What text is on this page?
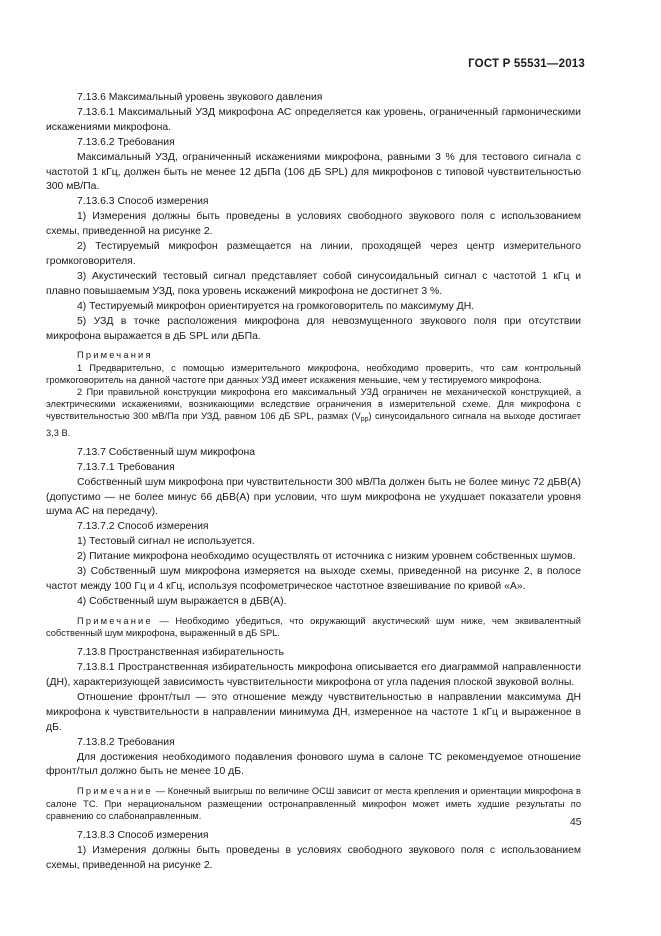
ГОСТ Р 55531—2013

7.13.6 Максимальный уровень звукового давления

7.13.6.1 Максимальный УЗД микрофона АС определяется как уровень, ограниченный гармоническими искажениями микрофона.

7.13.6.2 Требования

Максимальный УЗД, ограниченный искажениями микрофона, равными 3 % для тестового сигнала с частотой 1 кГц, должен быть не менее 12 дБПа (106 дБ SPL) для микрофонов с типовой чувствительностью 300 мВ/Па.

7.13.6.3 Способ измерения

1) Измерения должны быть проведены в условиях свободного звукового поля с использованием схемы, приведенной на рисунке 2.

2) Тестируемый микрофон размещается на линии, проходящей через центр измерительного громкоговорителя.

3) Акустический тестовый сигнал представляет собой синусоидальный сигнал с частотой 1 кГц и плавно повышаемым УЗД, пока уровень искажений микрофона не достигнет 3 %.

4) Тестируемый микрофон ориентируется на громкоговоритель по максимуму ДН.

5) УЗД в точке расположения микрофона для невозмущенного звукового поля при отсутствии микрофона выражается в дБ SPL или дБПа.

Примечания

1 Предварительно, с помощью измерительного микрофона, необходимо проверить, что сам контрольный громкоговоритель на данной частоте при данных УЗД имеет искажения меньшие, чем у тестируемого микрофона.

2 При правильной конструкции микрофона его максимальный УЗД ограничен не механической конструкцией, а электрическими искажениями, возникающими вследствие ограничения в измерительной схеме. Для микрофона с чувствительностью 300 мВ/Па при УЗД, равном 106 дБ SPL, размах $(V_{pp})$ синусоидального сигнала на выходе достигает 3,3 В.

7.13.7 Собственный шум микрофона

7.13.7.1 Требования

Собственный шум микрофона при чувствительности 300 мВ/Па должен быть не более минус 72 дБВ(А) (допустимо — не более минус 66 дБВ(А) при условии, что шум микрофона не ухудшает показатели уровня шума АС на передачу).

7.13.7.2 Способ измерения

1) Тестовый сигнал не используется.

2) Питание микрофона необходимо осуществлять от источника с низким уровнем собственных шумов.

3) Собственный шум микрофона измеряется на выходе схемы, приведенной на рисунке 2, в полосе частот между 100 Гц и 4 кГц, используя псофометрическое частотное взвешивание по кривой «А».

4) Собственный шум выражается в дБВ(А).

Примечание — Необходимо убедиться, что окружающий акустический шум ниже, чем эквивалентный собственный шум микрофона, выраженный в дБ SPL.

7.13.8 Пространственная избирательность

7.13.8.1 Пространственная избирательность микрофона описывается его диаграммой направленности (ДН), характеризующей зависимость чувствительности микрофона от угла падения плоской звуковой волны.

Отношение фронт/тыл — это отношение между чувствительностью в направлении максимума ДН микрофона к чувствительности в направлении минимума ДН, измеренное на частоте 1 кГц и выраженное в дБ.

7.13.8.2 Требования

Для достижения необходимого подавления фонового шума в салоне ТС рекомендуемое отношение фронт/тыл должно быть не менее 10 дБ.

Примечание — Конечный выигрыш по величине ОСШ зависит от места крепления и ориентации микрофона в салоне ТС. При нерациональном размещении остронаправленный микрофон может иметь худшие результаты по сравнению со слабонаправленным.

7.13.8.3 Способ измерения

1) Измерения должны быть проведены в условиях свободного звукового поля с использованием схемы, приведенной на рисунке 2.

45
